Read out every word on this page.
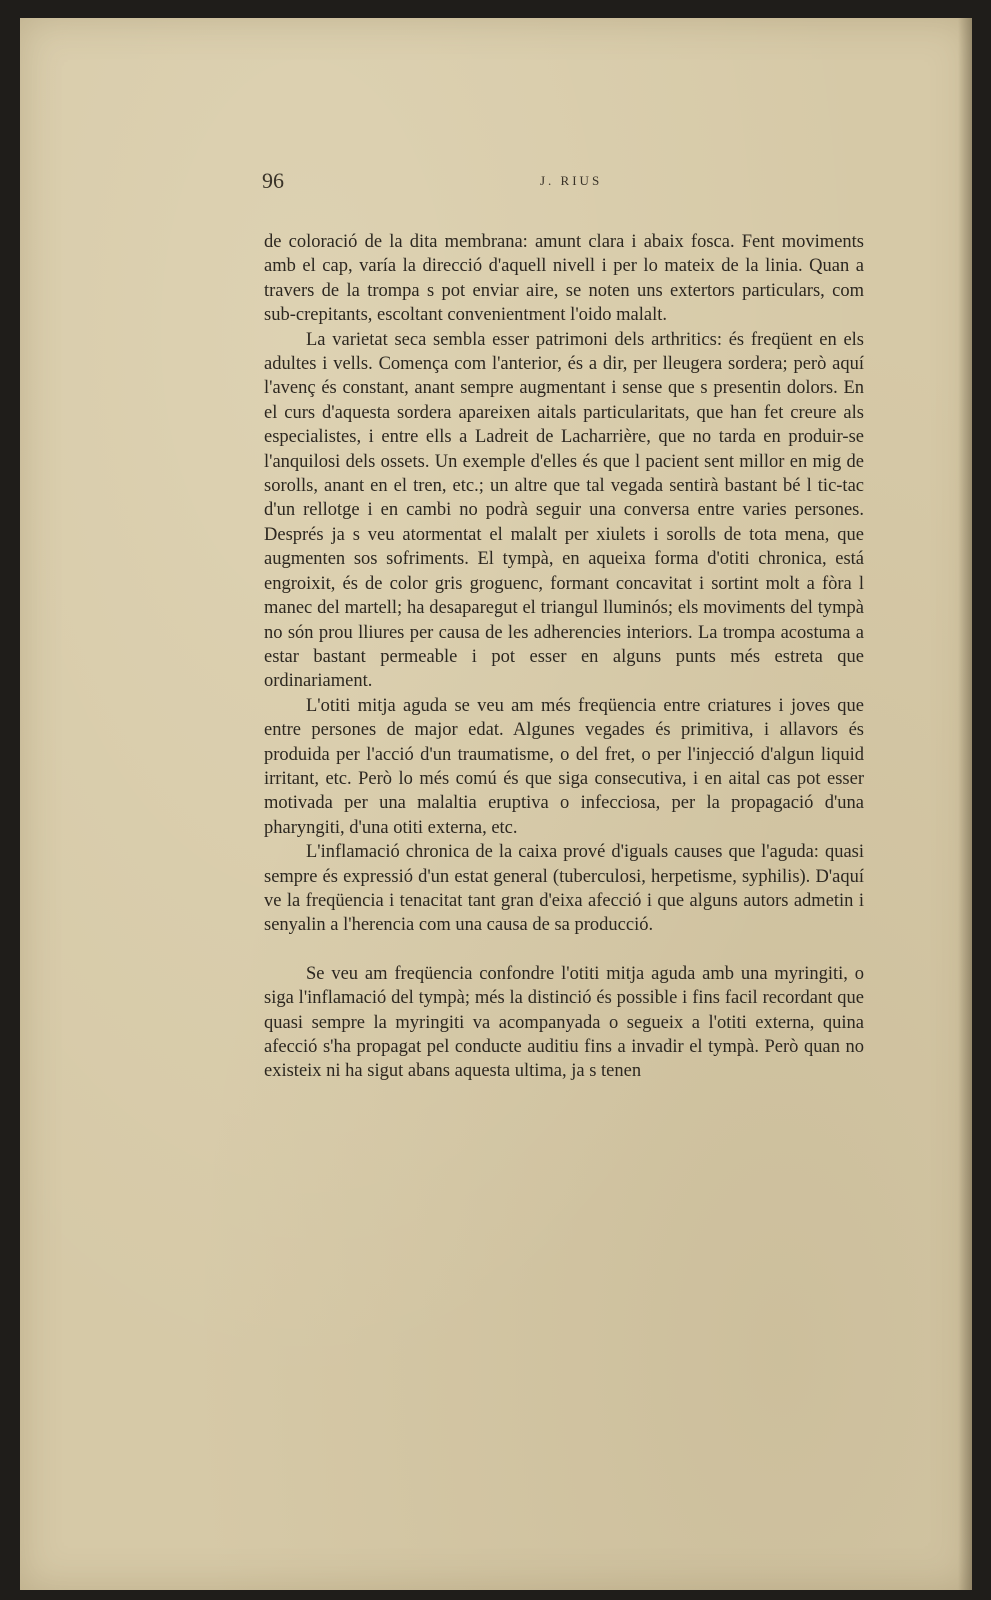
96	J. RIUS

de coloració de la dita membrana: amunt clara i abaix fosca. Fent moviments amb el cap, varía la direcció d'aquell nivell i per lo mateix de la linia. Quan a travers de la trompa s pot enviar aire, se noten uns extertors particulars, com sub-crepitants, escoltant convenientment l'oido malalt.

La varietat seca sembla esser patrimoni dels arthritics: és freqüent en els adultes i vells. Comença com l'anterior, és a dir, per lleugera sordera; però aquí l'avenç és constant, anant sempre augmentant i sense que s presentin dolors. En el curs d'aquesta sordera apareixen aitals particularitats, que han fet creure als especialistes, i entre ells a Ladreit de Lacharrière, que no tarda en produir-se l'anquilosi dels ossets. Un exemple d'elles és que l pacient sent millor en mig de sorolls, anant en el tren, etc.; un altre que tal vegada sentirà bastant bé l tic-tac d'un rellotge i en cambi no podrà seguir una conversa entre varies persones. Després ja s veu atormentat el malalt per xiulets i sorolls de tota mena, que augmenten sos sofriments. El tympà, en aqueixa forma d'otiti chronica, está engroixit, és de color gris groguenc, formant concavitat i sortint molt a fòra l manec del martell; ha desaparegut el triangul lluminós; els moviments del tympà no són prou lliures per causa de les adherencies interiors. La trompa acostuma a estar bastant permeable i pot esser en alguns punts més estreta que ordinariament.

L'otiti mitja aguda se veu am més freqüencia entre criatures i joves que entre persones de major edat. Algunes vegades és primitiva, i allavors és produida per l'acció d'un traumatisme, o del fret, o per l'injecció d'algun liquid irritant, etc. Però lo més comú és que siga consecutiva, i en aital cas pot esser motivada per una malaltia eruptiva o infecciosa, per la propagació d'una pharyngiti, d'una otiti externa, etc.

L'inflamació chronica de la caixa prové d'iguals causes que l'aguda: quasi sempre és expressió d'un estat general (tuberculosi, herpetisme, syphilis). D'aquí ve la freqüencia i tenacitat tant gran d'eixa afecció i que alguns autors admetin i senyalin a l'herencia com una causa de sa producció.

Se veu am freqüencia confondre l'otiti mitja aguda amb una myringiti, o siga l'inflamació del tympà; més la distinció és possible i fins facil recordant que quasi sempre la myringiti va acompanyada o segueix a l'otiti externa, quina afecció s'ha propagat pel conducte auditiu fins a invadir el tympà. Però quan no existeix ni ha sigut abans aquesta ultima, ja s tenen
